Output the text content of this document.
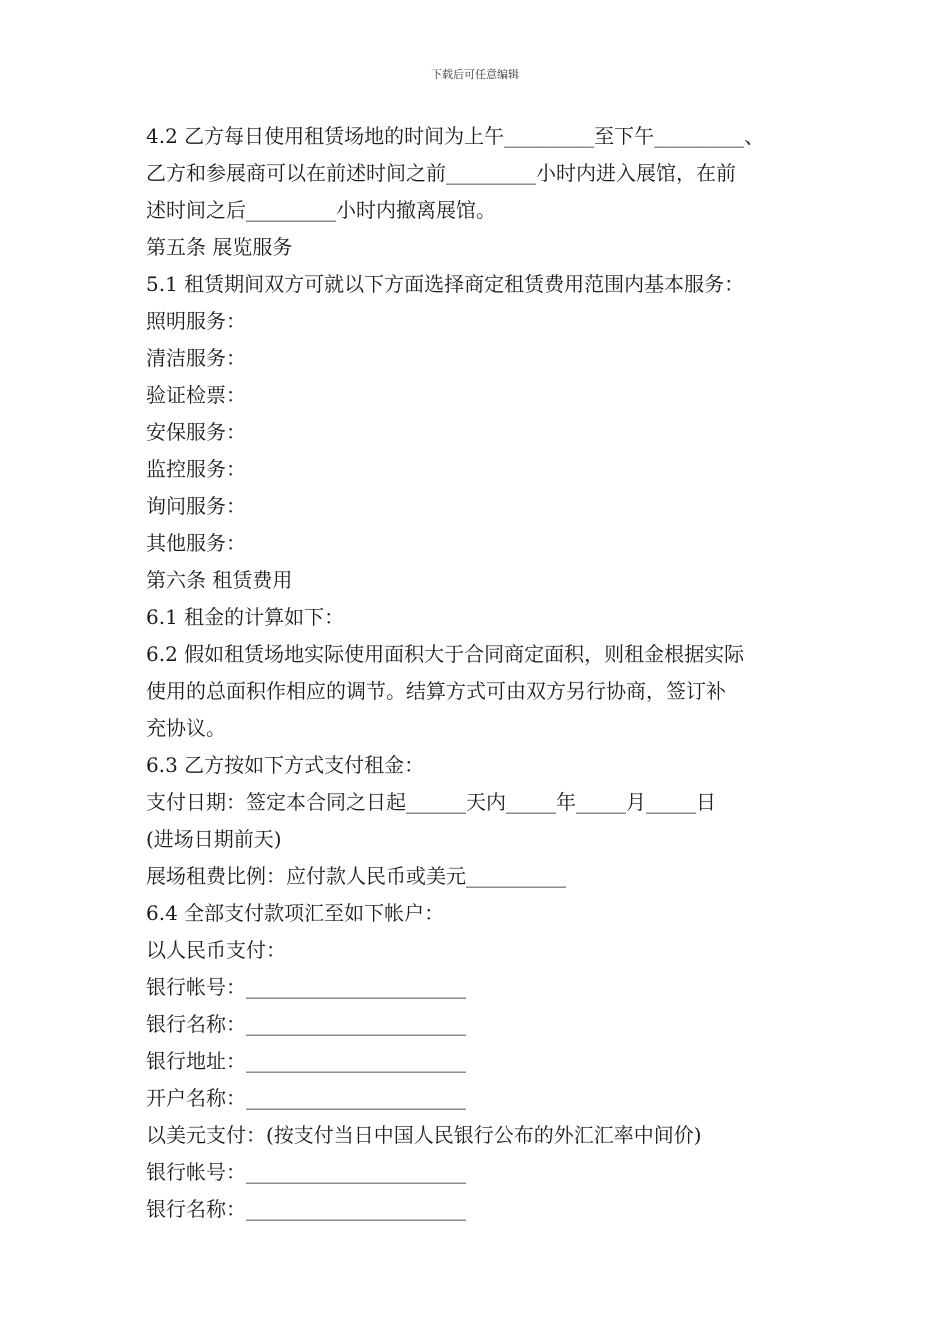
下载后可任意编辑
4.2 乙方每日使用租赁场地的时间为上午_________至下午_________、
乙方和参展商可以在前述时间之前_________小时内进入展馆，在前
述时间之后_________小时内撤离展馆。
第五条 展览服务
5.1 租赁期间双方可就以下方面选择商定租赁费用范围内基本服务：
照明服务：
清洁服务：
验证检票：
安保服务：
监控服务：
询问服务：
其他服务：
第六条 租赁费用
6.1 租金的计算如下：
6.2 假如租赁场地实际使用面积大于合同商定面积，则租金根据实际
使用的总面积作相应的调节。结算方式可由双方另行协商，签订补
充协议。
6.3 乙方按如下方式支付租金：
支付日期：签定本合同之日起______天内_____年_____月_____日
(进场日期前天)
展场租费比例：应付款人民币或美元__________
6.4 全部支付款项汇至如下帐户：
以人民币支付：
银行帐号：______________________
银行名称：______________________
银行地址：______________________
开户名称：______________________
以美元支付：(按支付当日中国人民银行公布的外汇汇率中间价)
银行帐号：______________________
银行名称：______________________
